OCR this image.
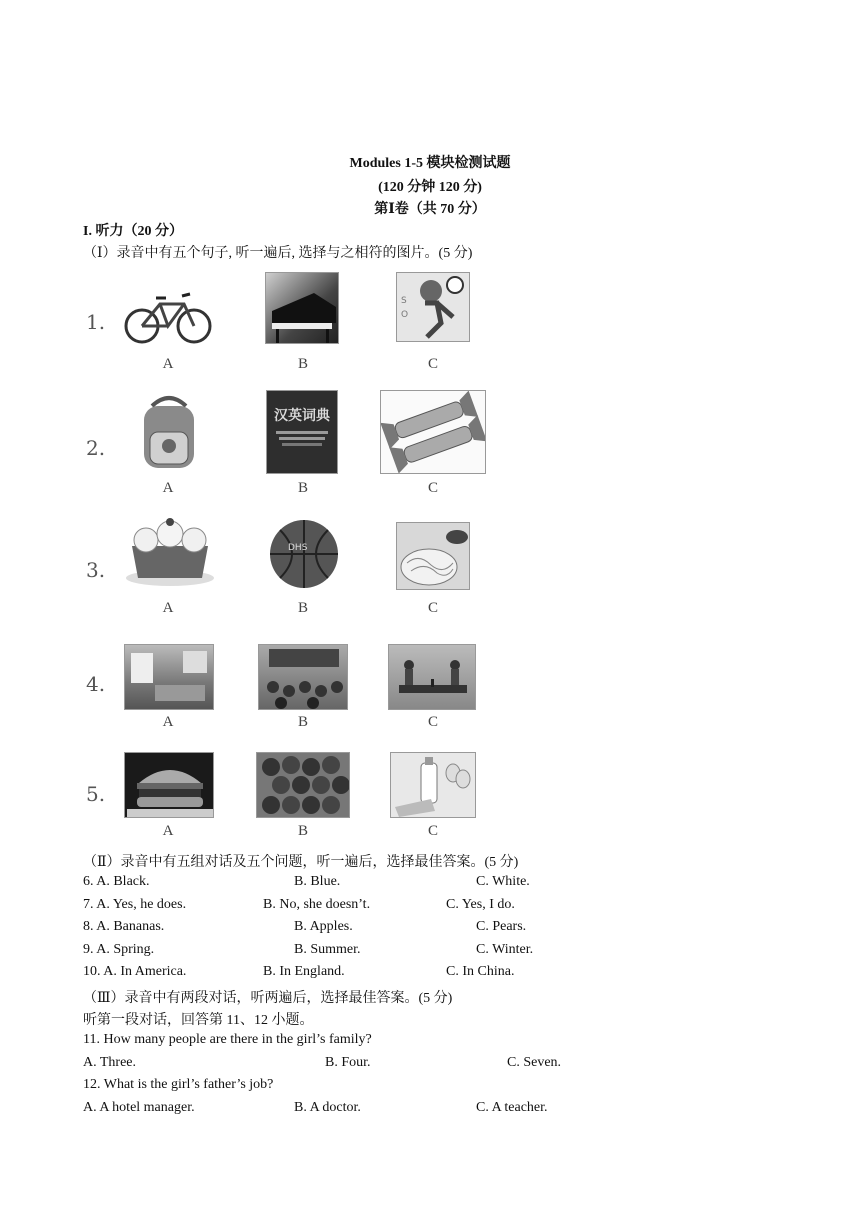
Modules 1-5 模块检测试题
(120 分钟 120 分)
第Ⅰ卷（共 70 分）
I. 听力（20 分）
（Ⅰ）录音中有五个句子, 听一遍后, 选择与之相符的图片。(5 分)
1.
S
O
A	B	C
2.
汉英词典
A	B	C
3.
DHS
A	B	C
4.
A	B	C
5.
A	B	C
（Ⅱ）录音中有五组对话及五个问题，听一遍后，选择最佳答案。(5 分)
6. A. Black.	B. Blue.	C. White.
7. A. Yes, he does.	B. No, she doesn’t.	C. Yes, I do.
8. A. Bananas.	B. Apples.	C. Pears.
9. A. Spring.	B. Summer.	C. Winter.
10. A. In America.	B. In England.	C. In China.
（Ⅲ）录音中有两段对话，听两遍后，选择最佳答案。(5 分)
听第一段对话，回答第 11、12 小题。
11. How many people are there in the girl’s family?
A. Three.	B. Four.	C. Seven.
12. What is the girl’s father’s job?
A. A hotel manager.	B. A doctor.	C. A teacher.
